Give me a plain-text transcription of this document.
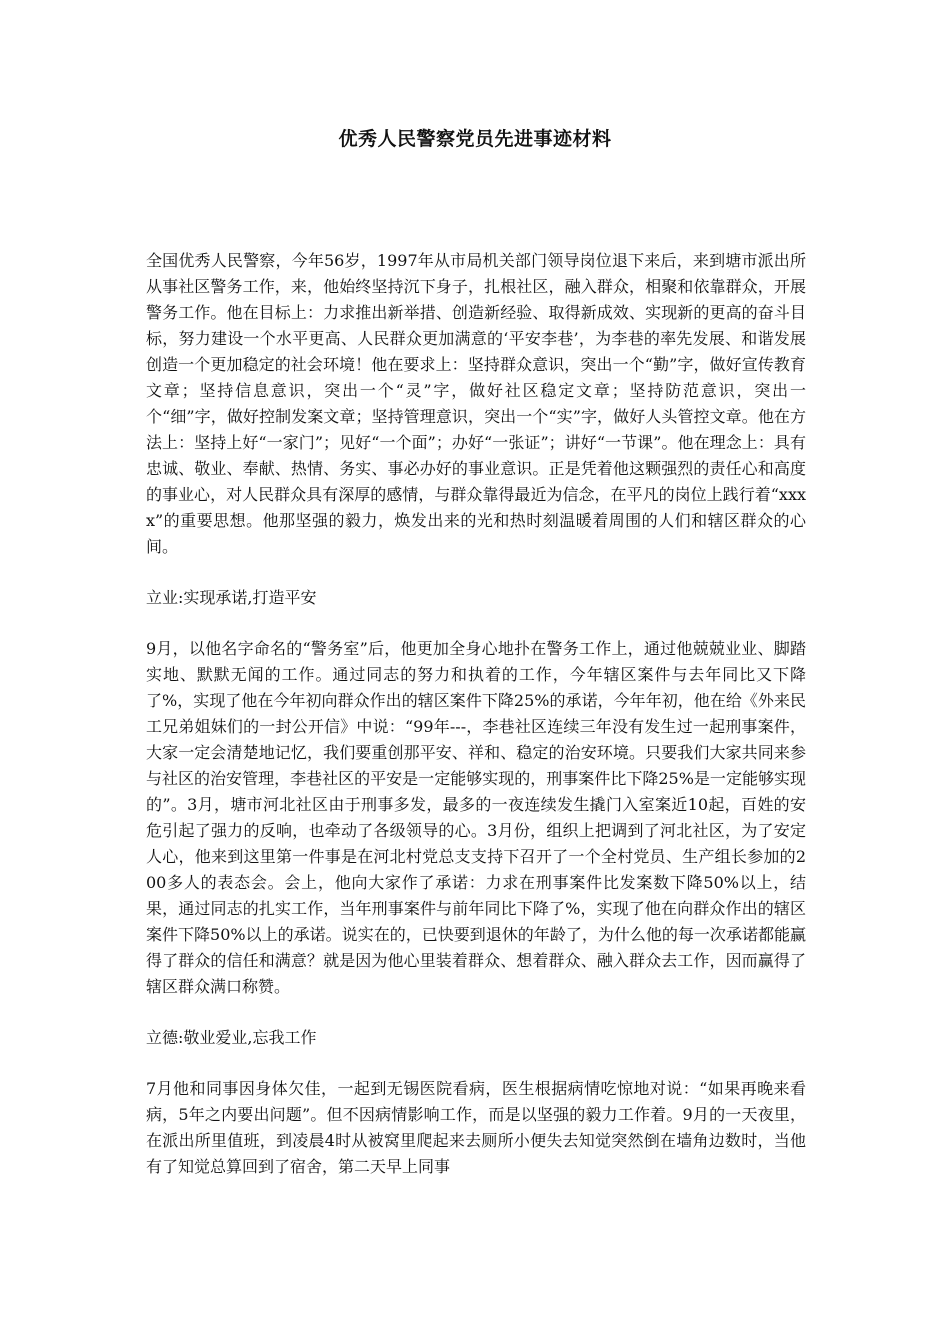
优秀人民警察党员先进事迹材料

全国优秀人民警察，今年56岁，1997年从市局机关部门领导岗位退下来后，来到塘市派出所从事社区警务工作，来，他始终坚持沉下身子，扎根社区，融入群众，相聚和依靠群众，开展警务工作。他在目标上：力求推出新举措、创造新经验、取得新成效、实现新的更高的奋斗目标，努力建设一个水平更高、人民群众更加满意的‘平安李巷’，为李巷的率先发展、和谐发展创造一个更加稳定的社会环境！他在要求上：坚持群众意识，突出一个“勤”字，做好宣传教育文章；坚持信息意识，突出一个“灵”字，做好社区稳定文章；坚持防范意识，突出一个“细”字，做好控制发案文章；坚持管理意识，突出一个“实”字，做好人头管控文章。他在方法上：坚持上好“一家门”；见好“一个面”；办好“一张证”；讲好“一节课”。他在理念上：具有忠诚、敬业、奉献、热情、务实、事必办好的事业意识。正是凭着他这颗强烈的责任心和高度的事业心，对人民群众具有深厚的感情，与群众靠得最近为信念，在平凡的岗位上践行着“xxxx”的重要思想。他那坚强的毅力，焕发出来的光和热时刻温暖着周围的人们和辖区群众的心间。

立业:实现承诺,打造平安

9月，以他名字命名的“警务室”后，他更加全身心地扑在警务工作上，通过他兢兢业业、脚踏实地、默默无闻的工作。通过同志的努力和执着的工作，今年辖区案件与去年同比又下降了%，实现了他在今年初向群众作出的辖区案件下降25%的承诺，今年年初，他在给《外来民工兄弟姐妹们的一封公开信》中说：“99年---，李巷社区连续三年没有发生过一起刑事案件，大家一定会清楚地记忆，我们要重创那平安、祥和、稳定的治安环境。只要我们大家共同来参与社区的治安管理，李巷社区的平安是一定能够实现的，刑事案件比下降25%是一定能够实现的”。3月，塘市河北社区由于刑事多发，最多的一夜连续发生撬门入室案近10起，百姓的安危引起了强力的反响，也牵动了各级领导的心。3月份，组织上把调到了河北社区，为了安定人心，他来到这里第一件事是在河北村党总支支持下召开了一个全村党员、生产组长参加的200多人的表态会。会上，他向大家作了承诺：力求在刑事案件比发案数下降50%以上，结果，通过同志的扎实工作，当年刑事案件与前年同比下降了%，实现了他在向群众作出的辖区案件下降50%以上的承诺。说实在的，已快要到退休的年龄了，为什么他的每一次承诺都能赢得了群众的信任和满意？就是因为他心里装着群众、想着群众、融入群众去工作，因而赢得了辖区群众满口称赞。

立德:敬业爱业,忘我工作

7月他和同事因身体欠佳，一起到无锡医院看病，医生根据病情吃惊地对说：“如果再晚来看病，5年之内要出问题”。但不因病情影响工作，而是以坚强的毅力工作着。9月的一天夜里，在派出所里值班，到凌晨4时从被窝里爬起来去厕所小便失去知觉突然倒在墙角边数时，当他有了知觉总算回到了宿舍，第二天早上同事
